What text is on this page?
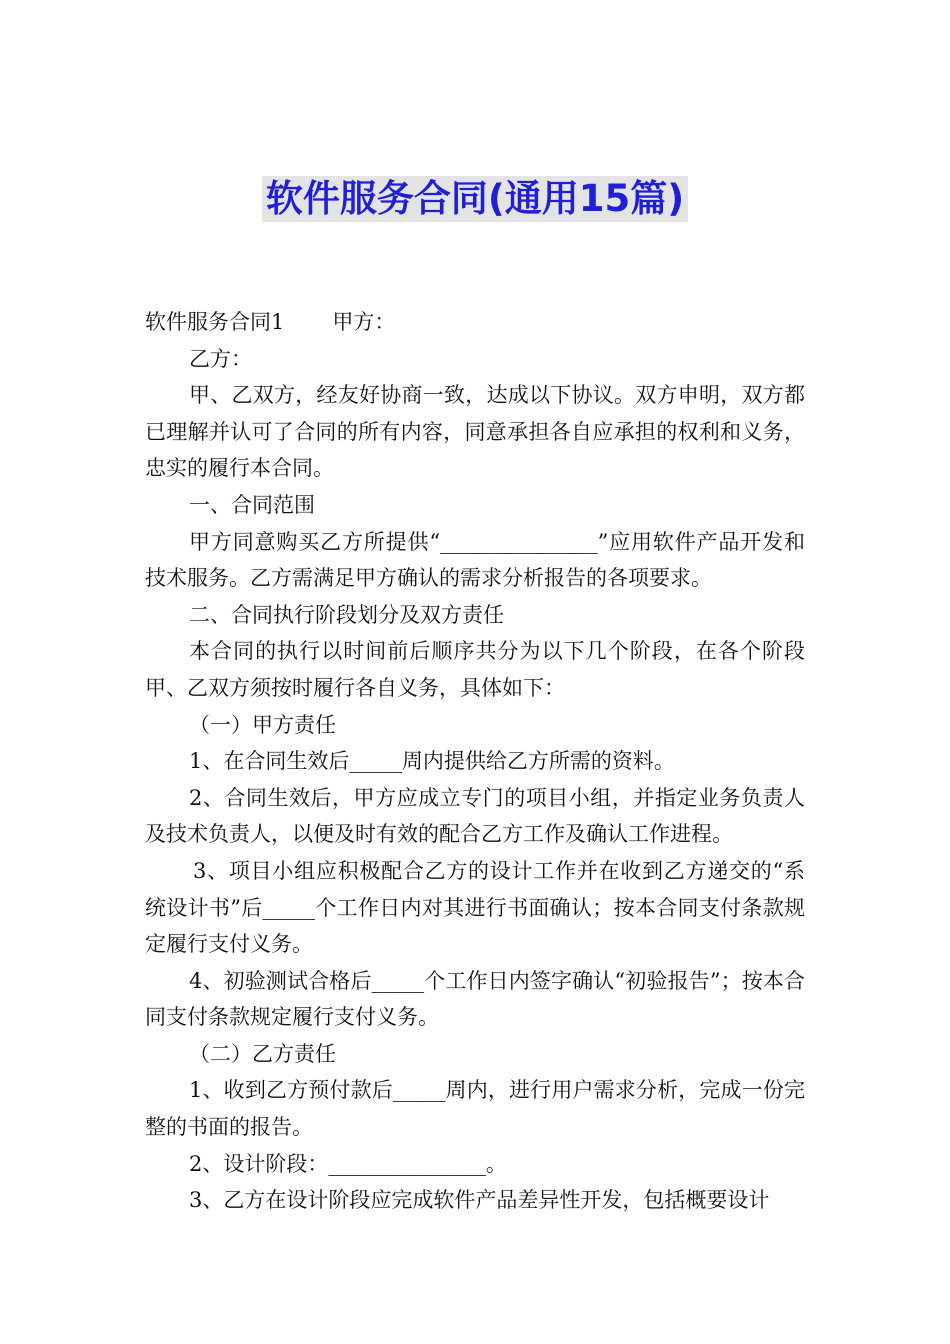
软件服务合同(通用15篇)

软件服务合同1 甲方：

乙方：

甲、乙双方，经友好协商一致，达成以下协议。双方申明，双方都已理解并认可了合同的所有内容，同意承担各自应承担的权利和义务，忠实的履行本合同。

一、合同范围

甲方同意购买乙方所提供“_______________”应用软件产品开发和技术服务。乙方需满足甲方确认的需求分析报告的各项要求。

二、合同执行阶段划分及双方责任

本合同的执行以时间前后顺序共分为以下几个阶段，在各个阶段甲、乙双方须按时履行各自义务，具体如下：

（一）甲方责任

1、在合同生效后_____周内提供给乙方所需的资料。

2、合同生效后，甲方应成立专门的项目小组，并指定业务负责人及技术负责人，以便及时有效的配合乙方工作及确认工作进程。

3、项目小组应积极配合乙方的设计工作并在收到乙方递交的“系统设计书”后_____个工作日内对其进行书面确认；按本合同支付条款规定履行支付义务。

4、初验测试合格后_____个工作日内签字确认“初验报告”；按本合同支付条款规定履行支付义务。

（二）乙方责任

1、收到乙方预付款后_____周内，进行用户需求分析，完成一份完整的书面的报告。

2、设计阶段：_______________。

3、乙方在设计阶段应完成软件产品差异性开发，包括概要设计
